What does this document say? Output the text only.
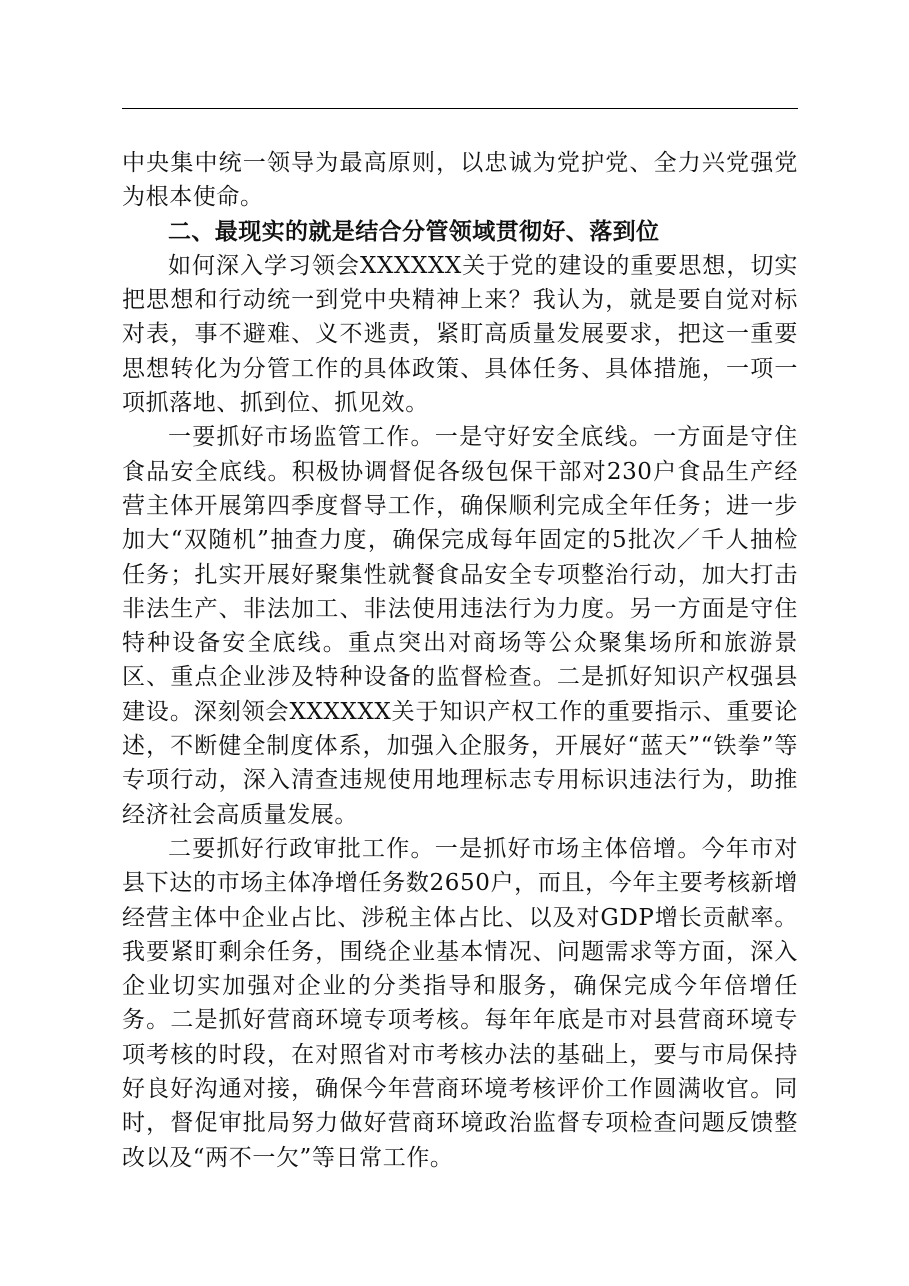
中央集中统一领导为最高原则，以忠诚为党护党、全力兴党强党为根本使命。

二、最现实的就是结合分管领域贯彻好、落到位

如何深入学习领会XXXXXX关于党的建设的重要思想，切实把思想和行动统一到党中央精神上来？我认为，就是要自觉对标对表，事不避难、义不逃责，紧盯高质量发展要求，把这一重要思想转化为分管工作的具体政策、具体任务、具体措施，一项一项抓落地、抓到位、抓见效。

一要抓好市场监管工作。一是守好安全底线。一方面是守住食品安全底线。积极协调督促各级包保干部对230户食品生产经营主体开展第四季度督导工作，确保顺利完成全年任务；进一步加大“双随机”抽查力度，确保完成每年固定的5批次／千人抽检任务；扎实开展好聚集性就餐食品安全专项整治行动，加大打击非法生产、非法加工、非法使用违法行为力度。另一方面是守住特种设备安全底线。重点突出对商场等公众聚集场所和旅游景区、重点企业涉及特种设备的监督检查。二是抓好知识产权强县建设。深刻领会XXXXXX关于知识产权工作的重要指示、重要论述，不断健全制度体系，加强入企服务，开展好“蓝天”“铁拳”等专项行动，深入清查违规使用地理标志专用标识违法行为，助推经济社会高质量发展。

二要抓好行政审批工作。一是抓好市场主体倍增。今年市对县下达的市场主体净增任务数2650户，而且，今年主要考核新增经营主体中企业占比、涉税主体占比、以及对GDP增长贡献率。我要紧盯剩余任务，围绕企业基本情况、问题需求等方面，深入企业切实加强对企业的分类指导和服务，确保完成今年倍增任务。二是抓好营商环境专项考核。每年年底是市对县营商环境专项考核的时段，在对照省对市考核办法的基础上，要与市局保持好良好沟通对接，确保今年营商环境考核评价工作圆满收官。同时，督促审批局努力做好营商环境政治监督专项检查问题反馈整改以及“两不一欠”等日常工作。
